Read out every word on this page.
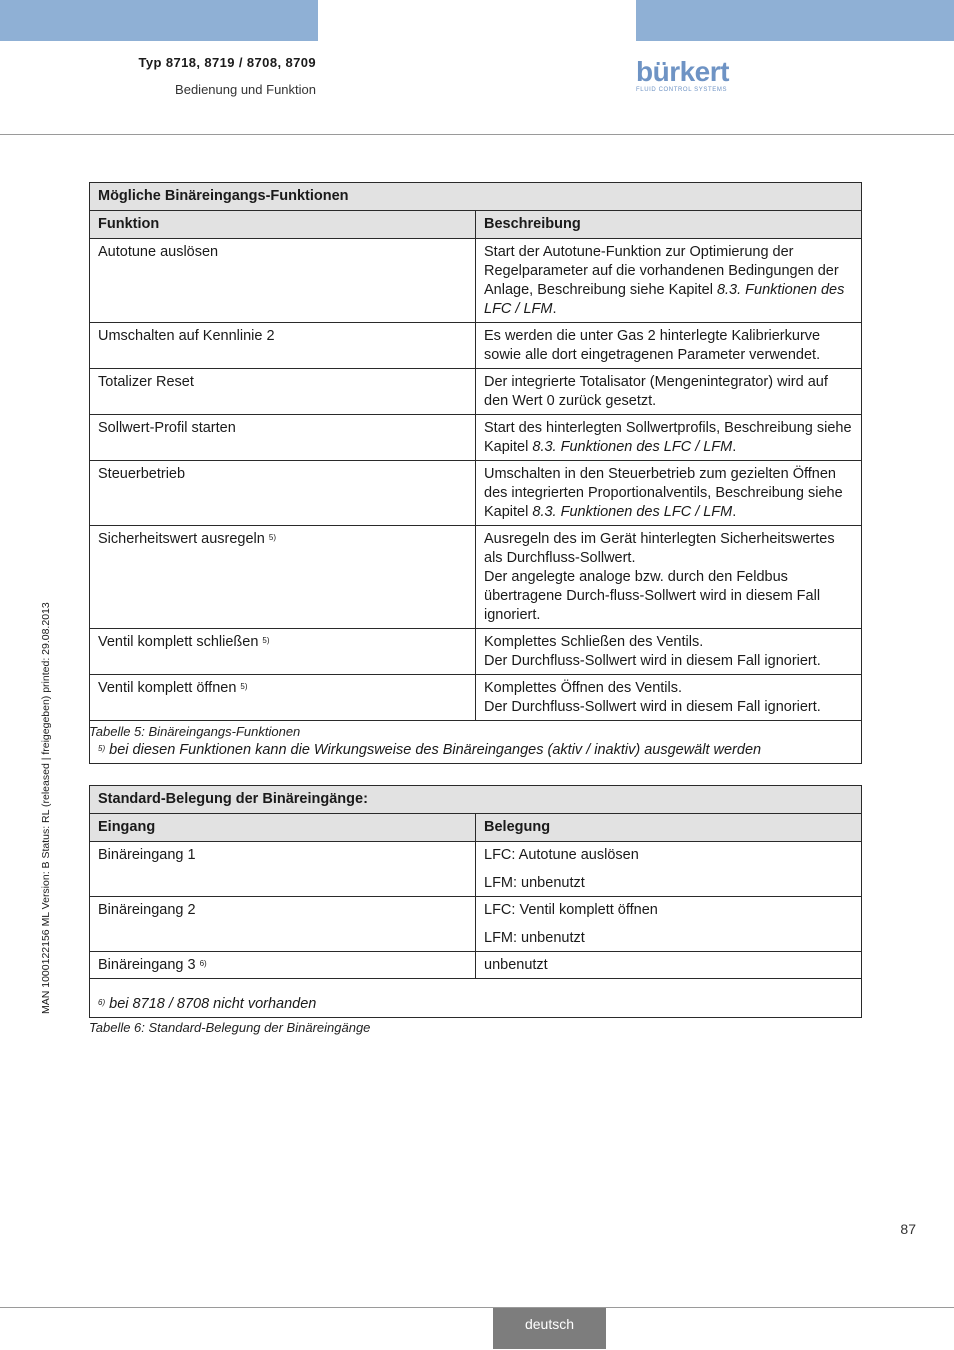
Typ 8718, 8719 / 8708, 8709
Bedienung und Funktion
bürkert
FLUID CONTROL SYSTEMS
MAN 1000122156 ML Version: B Status: RL (released | freigegeben) printed: 29.08.2013
Mögliche Binäreingangs-Funktionen	
Funktion	Beschreibung
Autotune auslösen	Start der Autotune-Funktion zur Optimierung der Regelparameter auf die vorhandenen Bedingungen der Anlage, Beschreibung siehe Kapitel 8.3. Funktionen des LFC / LFM.
Umschalten auf Kennlinie 2	Es werden die unter Gas 2 hinterlegte Kalibrierkurve sowie alle dort eingetragenen Parameter verwendet.
Totalizer Reset	Der integrierte Totalisator (Mengenintegrator) wird auf den Wert 0 zurück gesetzt.
Sollwert-Profil starten	Start des hinterlegten Sollwertprofils, Beschreibung siehe Kapitel 8.3. Funktionen des LFC / LFM.
Steuerbetrieb	Umschalten in den Steuerbetrieb zum gezielten Öffnen des integrierten Proportionalventils, Beschreibung siehe Kapitel 8.3. Funktionen des LFC / LFM.
Sicherheitswert ausregeln $^{5)}$	Ausregeln des im Gerät hinterlegten Sicherheitswertes als Durchfluss-Sollwert.
Der angelegte analoge bzw. durch den Feldbus übertragene Durch-fluss-Sollwert wird in diesem Fall ignoriert.
Ventil komplett schließen $^{5)}$	Komplettes Schließen des Ventils.
Der Durchfluss-Sollwert wird in diesem Fall ignoriert.
Ventil komplett öffnen $^{5)}$	Komplettes Öffnen des Ventils.
Der Durchfluss-Sollwert wird in diesem Fall ignoriert.
$^{5)}$ bei diesen Funktionen kann die Wirkungsweise des Binäreinganges (aktiv / inaktiv) ausgewält werden	
Tabelle 5: Binäreingangs-Funktionen
Standard-Belegung der Binäreingänge:	
Eingang	Belegung
Binäreingang 1	LFC: Autotune auslösen
LFM: unbenutzt
Binäreingang 2	LFC: Ventil komplett öffnen
LFM: unbenutzt
Binäreingang 3 $^{6)}$	unbenutzt
$^{6)}$ bei 8718 / 8708 nicht vorhanden	
Tabelle 6: Standard-Belegung der Binäreingänge
87
deutsch
